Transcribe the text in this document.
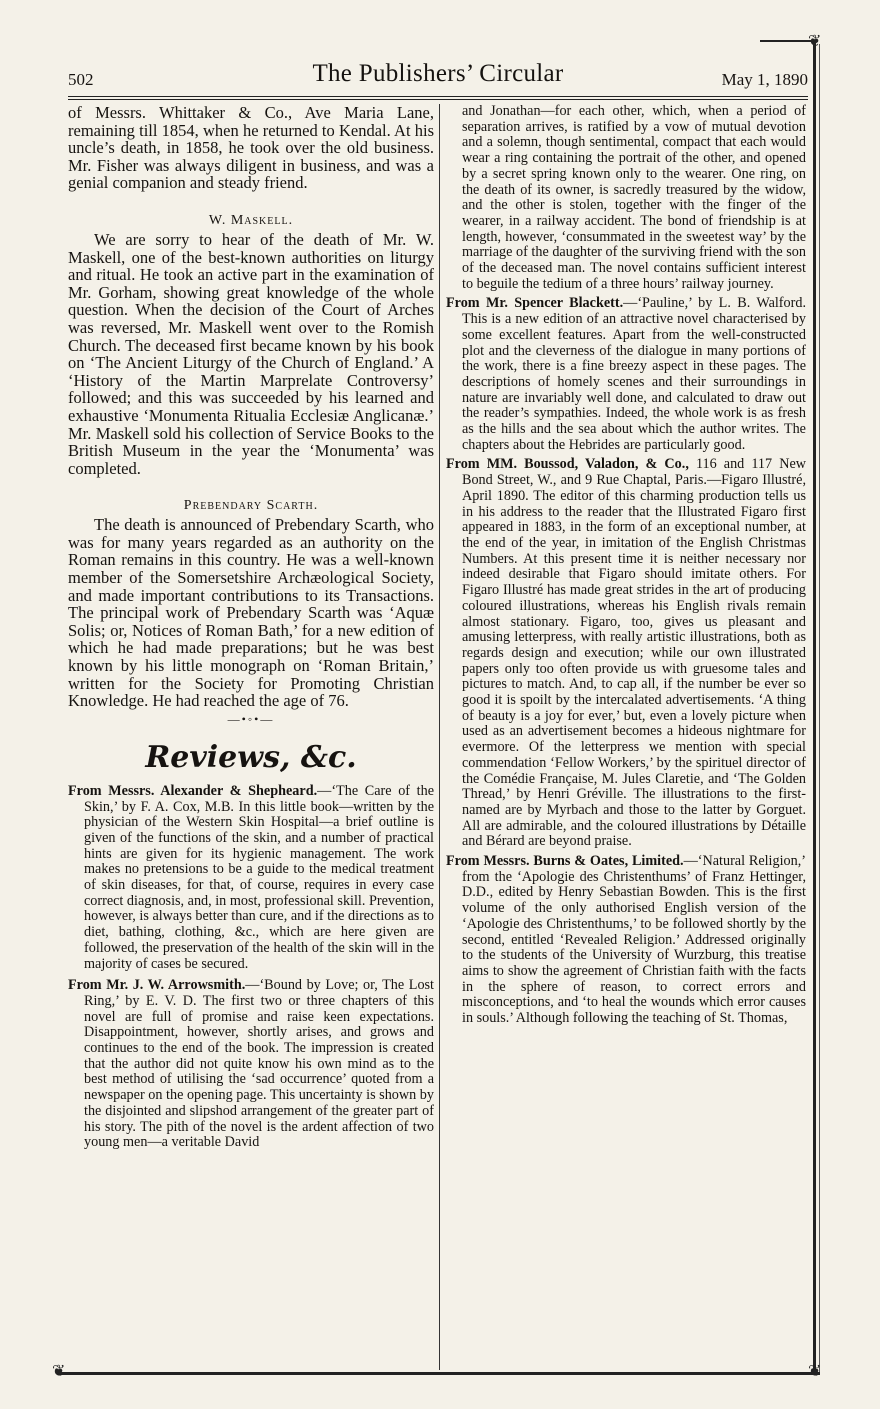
❦
❦	❦
502	The Publishers’ Circular	May 1, 1890

of Messrs. Whittaker & Co., Ave Maria Lane, remaining till 1854, when he returned to Kendal. At his uncle’s death, in 1858, he took over the old business. Mr. Fisher was always diligent in business, and was a genial companion and steady friend.

W. Maskell.

We are sorry to hear of the death of Mr. W. Maskell, one of the best-known authorities on liturgy and ritual. He took an active part in the examination of Mr. Gorham, showing great knowledge of the whole question. When the decision of the Court of Arches was reversed, Mr. Maskell went over to the Romish Church. The deceased first became known by his book on ‘The Ancient Liturgy of the Church of England.’ A ‘History of the Martin Marprelate Controversy’ followed; and this was succeeded by his learned and exhaustive ‘Monumenta Ritualia Ecclesiæ Anglicanæ.’ Mr. Maskell sold his collection of Service Books to the British Museum in the year the ‘Monumenta’ was completed.

Prebendary Scarth.

The death is announced of Prebendary Scarth, who was for many years regarded as an authority on the Roman remains in this country. He was a well-known member of the Somersetshire Archæological Society, and made important contributions to its Transactions. The principal work of Prebendary Scarth was ‘Aquæ Solis; or, Notices of Roman Bath,’ for a new edition of which he had made preparations; but he was best known by his little monograph on ‘Roman Britain,’ written for the Society for Promoting Christian Knowledge. He had reached the age of 76.

—•◦•—
Reviews, &c.

From Messrs. Alexander & Shepheard.—‘The Care of the Skin,’ by F. A. Cox, M.B. In this little book—written by the physician of the Western Skin Hospital—a brief outline is given of the functions of the skin, and a number of practical hints are given for its hygienic management. The work makes no pretensions to be a guide to the medical treatment of skin diseases, for that, of course, requires in every case correct diagnosis, and, in most, professional skill. Prevention, however, is always better than cure, and if the directions as to diet, bathing, clothing, &c., which are here given are followed, the preservation of the health of the skin will in the majority of cases be secured.

From Mr. J. W. Arrowsmith.—‘Bound by Love; or, The Lost Ring,’ by E. V. D. The first two or three chapters of this novel are full of promise and raise keen expectations. Disappointment, however, shortly arises, and grows and continues to the end of the book. The impression is created that the author did not quite know his own mind as to the best method of utilising the ‘sad occurrence’ quoted from a newspaper on the opening page. This uncertainty is shown by the disjointed and slipshod arrangement of the greater part of his story. The pith of the novel is the ardent affection of two young men—a veritable David

and Jonathan—for each other, which, when a period of separation arrives, is ratified by a vow of mutual devotion and a solemn, though sentimental, compact that each would wear a ring containing the portrait of the other, and opened by a secret spring known only to the wearer. One ring, on the death of its owner, is sacredly treasured by the widow, and the other is stolen, together with the finger of the wearer, in a railway accident. The bond of friendship is at length, however, ‘consummated in the sweetest way’ by the marriage of the daughter of the surviving friend with the son of the deceased man. The novel contains sufficient interest to beguile the tedium of a three hours’ railway journey.

From Mr. Spencer Blackett.—‘Pauline,’ by L. B. Walford. This is a new edition of an attractive novel characterised by some excellent features. Apart from the well-constructed plot and the cleverness of the dialogue in many portions of the work, there is a fine breezy aspect in these pages. The descriptions of homely scenes and their surroundings in nature are invariably well done, and calculated to draw out the reader’s sympathies. Indeed, the whole work is as fresh as the hills and the sea about which the author writes. The chapters about the Hebrides are particularly good.

From MM. Boussod, Valadon, & Co., 116 and 117 New Bond Street, W., and 9 Rue Chaptal, Paris.—Figaro Illustré, April 1890. The editor of this charming production tells us in his address to the reader that the Illustrated Figaro first appeared in 1883, in the form of an exceptional number, at the end of the year, in imitation of the English Christmas Numbers. At this present time it is neither necessary nor indeed desirable that Figaro should imitate others. For Figaro Illustré has made great strides in the art of producing coloured illustrations, whereas his English rivals remain almost stationary. Figaro, too, gives us pleasant and amusing letterpress, with really artistic illustrations, both as regards design and execution; while our own illustrated papers only too often provide us with gruesome tales and pictures to match. And, to cap all, if the number be ever so good it is spoilt by the intercalated advertisements. ‘A thing of beauty is a joy for ever,’ but, even a lovely picture when used as an advertisement becomes a hideous nightmare for evermore. Of the letterpress we mention with special commendation ‘Fellow Workers,’ by the spirituel director of the Comédie Française, M. Jules Claretie, and ‘The Golden Thread,’ by Henri Gréville. The illustrations to the first-named are by Myrbach and those to the latter by Gorguet. All are admirable, and the coloured illustrations by Détaille and Bérard are beyond praise.

From Messrs. Burns & Oates, Limited.—‘Natural Religion,’ from the ‘Apologie des Christenthums’ of Franz Hettinger, D.D., edited by Henry Sebastian Bowden. This is the first volume of the only authorised English version of the ‘Apologie des Christenthums,’ to be followed shortly by the second, entitled ‘Revealed Religion.’ Addressed originally to the students of the University of Wurzburg, this treatise aims to show the agreement of Christian faith with the facts in the sphere of reason, to correct errors and misconceptions, and ‘to heal the wounds which error causes in souls.’ Although following the teaching of St. Thomas,
